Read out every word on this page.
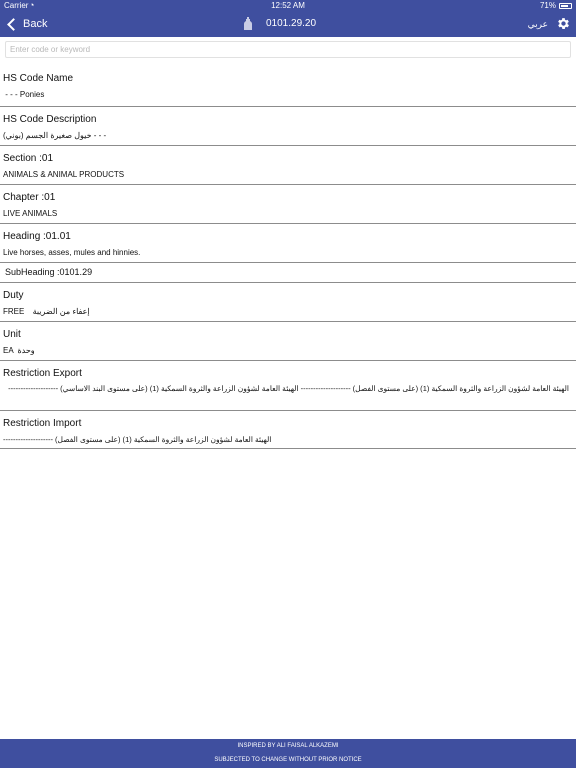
Carrier ◔	12:52 AM	71%
Back	0101.29.20	عربي
Enter code or keyword
HS Code Name
- - - Ponies
HS Code Description
- - - خيول صغيرة الجسم (بوني)
Section :01
ANIMALS & ANIMAL PRODUCTS
Chapter :01
LIVE ANIMALS
Heading :01.01
Live horses, asses, mules and hinnies.
SubHeading :0101.29
Duty
FREE إعفاء من الضريبة
Unit
EA وحدة
Restriction Export
الهيئة العامة لشؤون الزراعة والثروة السمكية (1) (على مستوى الفصل) -------------------- الهيئة العامة لشؤون الزراعة والثروة السمكية (1) (على مستوى البند الاساسي) --------------------
Restriction Import
الهيئة العامة لشؤون الزراعة والثروة السمكية (1) (على مستوى الفصل) --------------------
INSPIRED BY ALI FAISAL ALKAZEMI
SUBJECTED TO CHANGE WITHOUT PRIOR NOTICE
